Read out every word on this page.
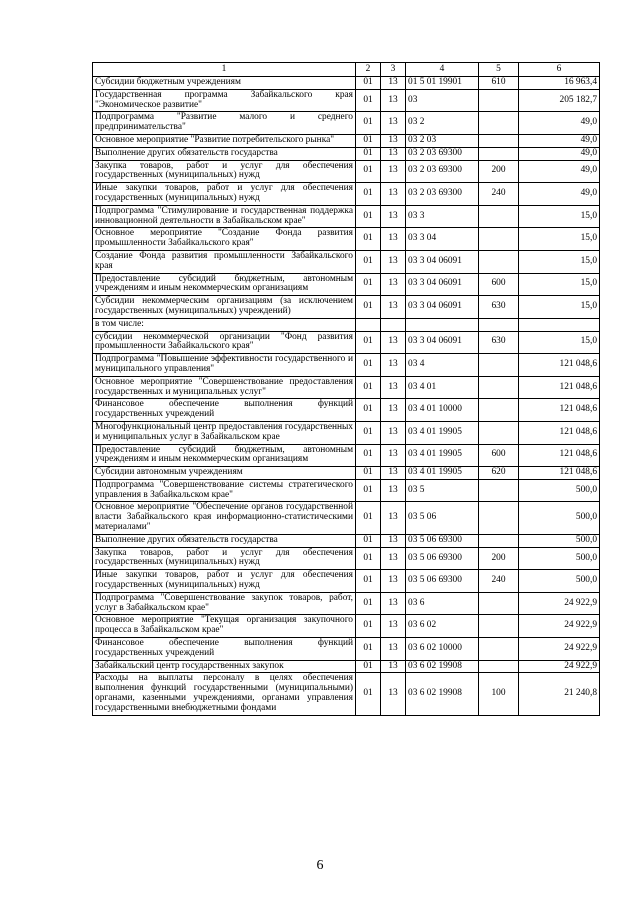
1	2	3	4	5	6
Субсидии бюджетным учреждениям	01	13	01 5 01 19901	610	16 963,4
Государственная программа Забайкальского края "Экономическое развитие"	01	13	03		205 182,7
Подпрограмма "Развитие малого и среднего предпринимательства"	01	13	03 2		49,0
Основное мероприятие "Развитие потребительского рынка"	01	13	03 2 03		49,0
Выполнение других обязательств государства	01	13	03 2 03 69300		49,0
Закупка товаров, работ и услуг для обеспечения государственных (муниципальных) нужд	01	13	03 2 03 69300	200	49,0
Иные закупки товаров, работ и услуг для обеспечения государственных (муниципальных) нужд	01	13	03 2 03 69300	240	49,0
Подпрограмма "Стимулирование и государственная поддержка инновационной деятельности в Забайкальском крае"	01	13	03 3		15,0
Основное мероприятие "Создание Фонда развития промышленности Забайкальского края"	01	13	03 3 04		15,0
Создание Фонда развития промышленности Забайкальского края	01	13	03 3 04 06091		15,0
Предоставление субсидий бюджетным, автономным учреждениям и иным некоммерческим организациям	01	13	03 3 04 06091	600	15,0
Субсидии некоммерческим организациям (за исключением государственных (муниципальных) учреждений)	01	13	03 3 04 06091	630	15,0
в том числе:					
субсидии некоммерческой организации "Фонд развития промышленности Забайкальского края"	01	13	03 3 04 06091	630	15,0
Подпрограмма "Повышение эффективности государственного и муниципального управления"	01	13	03 4		121 048,6
Основное мероприятие "Совершенствование предоставления государственных и муниципальных услуг"	01	13	03 4 01		121 048,6
Финансовое обеспечение выполнения функций государственных учреждений	01	13	03 4 01 10000		121 048,6
Многофункциональный центр предоставления государственных и муниципальных услуг в Забайкальском крае	01	13	03 4 01 19905		121 048,6
Предоставление субсидий бюджетным, автономным учреждениям и иным некоммерческим организациям	01	13	03 4 01 19905	600	121 048,6
Субсидии автономным учреждениям	01	13	03 4 01 19905	620	121 048,6
Подпрограмма "Совершенствование системы стратегического управления в Забайкальском крае"	01	13	03 5		500,0
Основное мероприятие "Обеспечение органов государственной власти Забайкальского края информационно-статистическими материалами"	01	13	03 5 06		500,0
Выполнение других обязательств государства	01	13	03 5 06 69300		500,0
Закупка товаров, работ и услуг для обеспечения государственных (муниципальных) нужд	01	13	03 5 06 69300	200	500,0
Иные закупки товаров, работ и услуг для обеспечения государственных (муниципальных) нужд	01	13	03 5 06 69300	240	500,0
Подпрограмма "Совершенствование закупок товаров, работ, услуг в Забайкальском крае"	01	13	03 6		24 922,9
Основное мероприятие "Текущая организация закупочного процесса в Забайкальском крае"	01	13	03 6 02		24 922,9
Финансовое обеспечение выполнения функций государственных учреждений	01	13	03 6 02 10000		24 922,9
Забайкальский центр государственных закупок	01	13	03 6 02 19908		24 922,9
Расходы на выплаты персоналу в целях обеспечения выполнения функций государственными (муниципальными) органами, казенными учреждениями, органами управления государственными внебюджетными фондами	01	13	03 6 02 19908	100	21 240,8
6
